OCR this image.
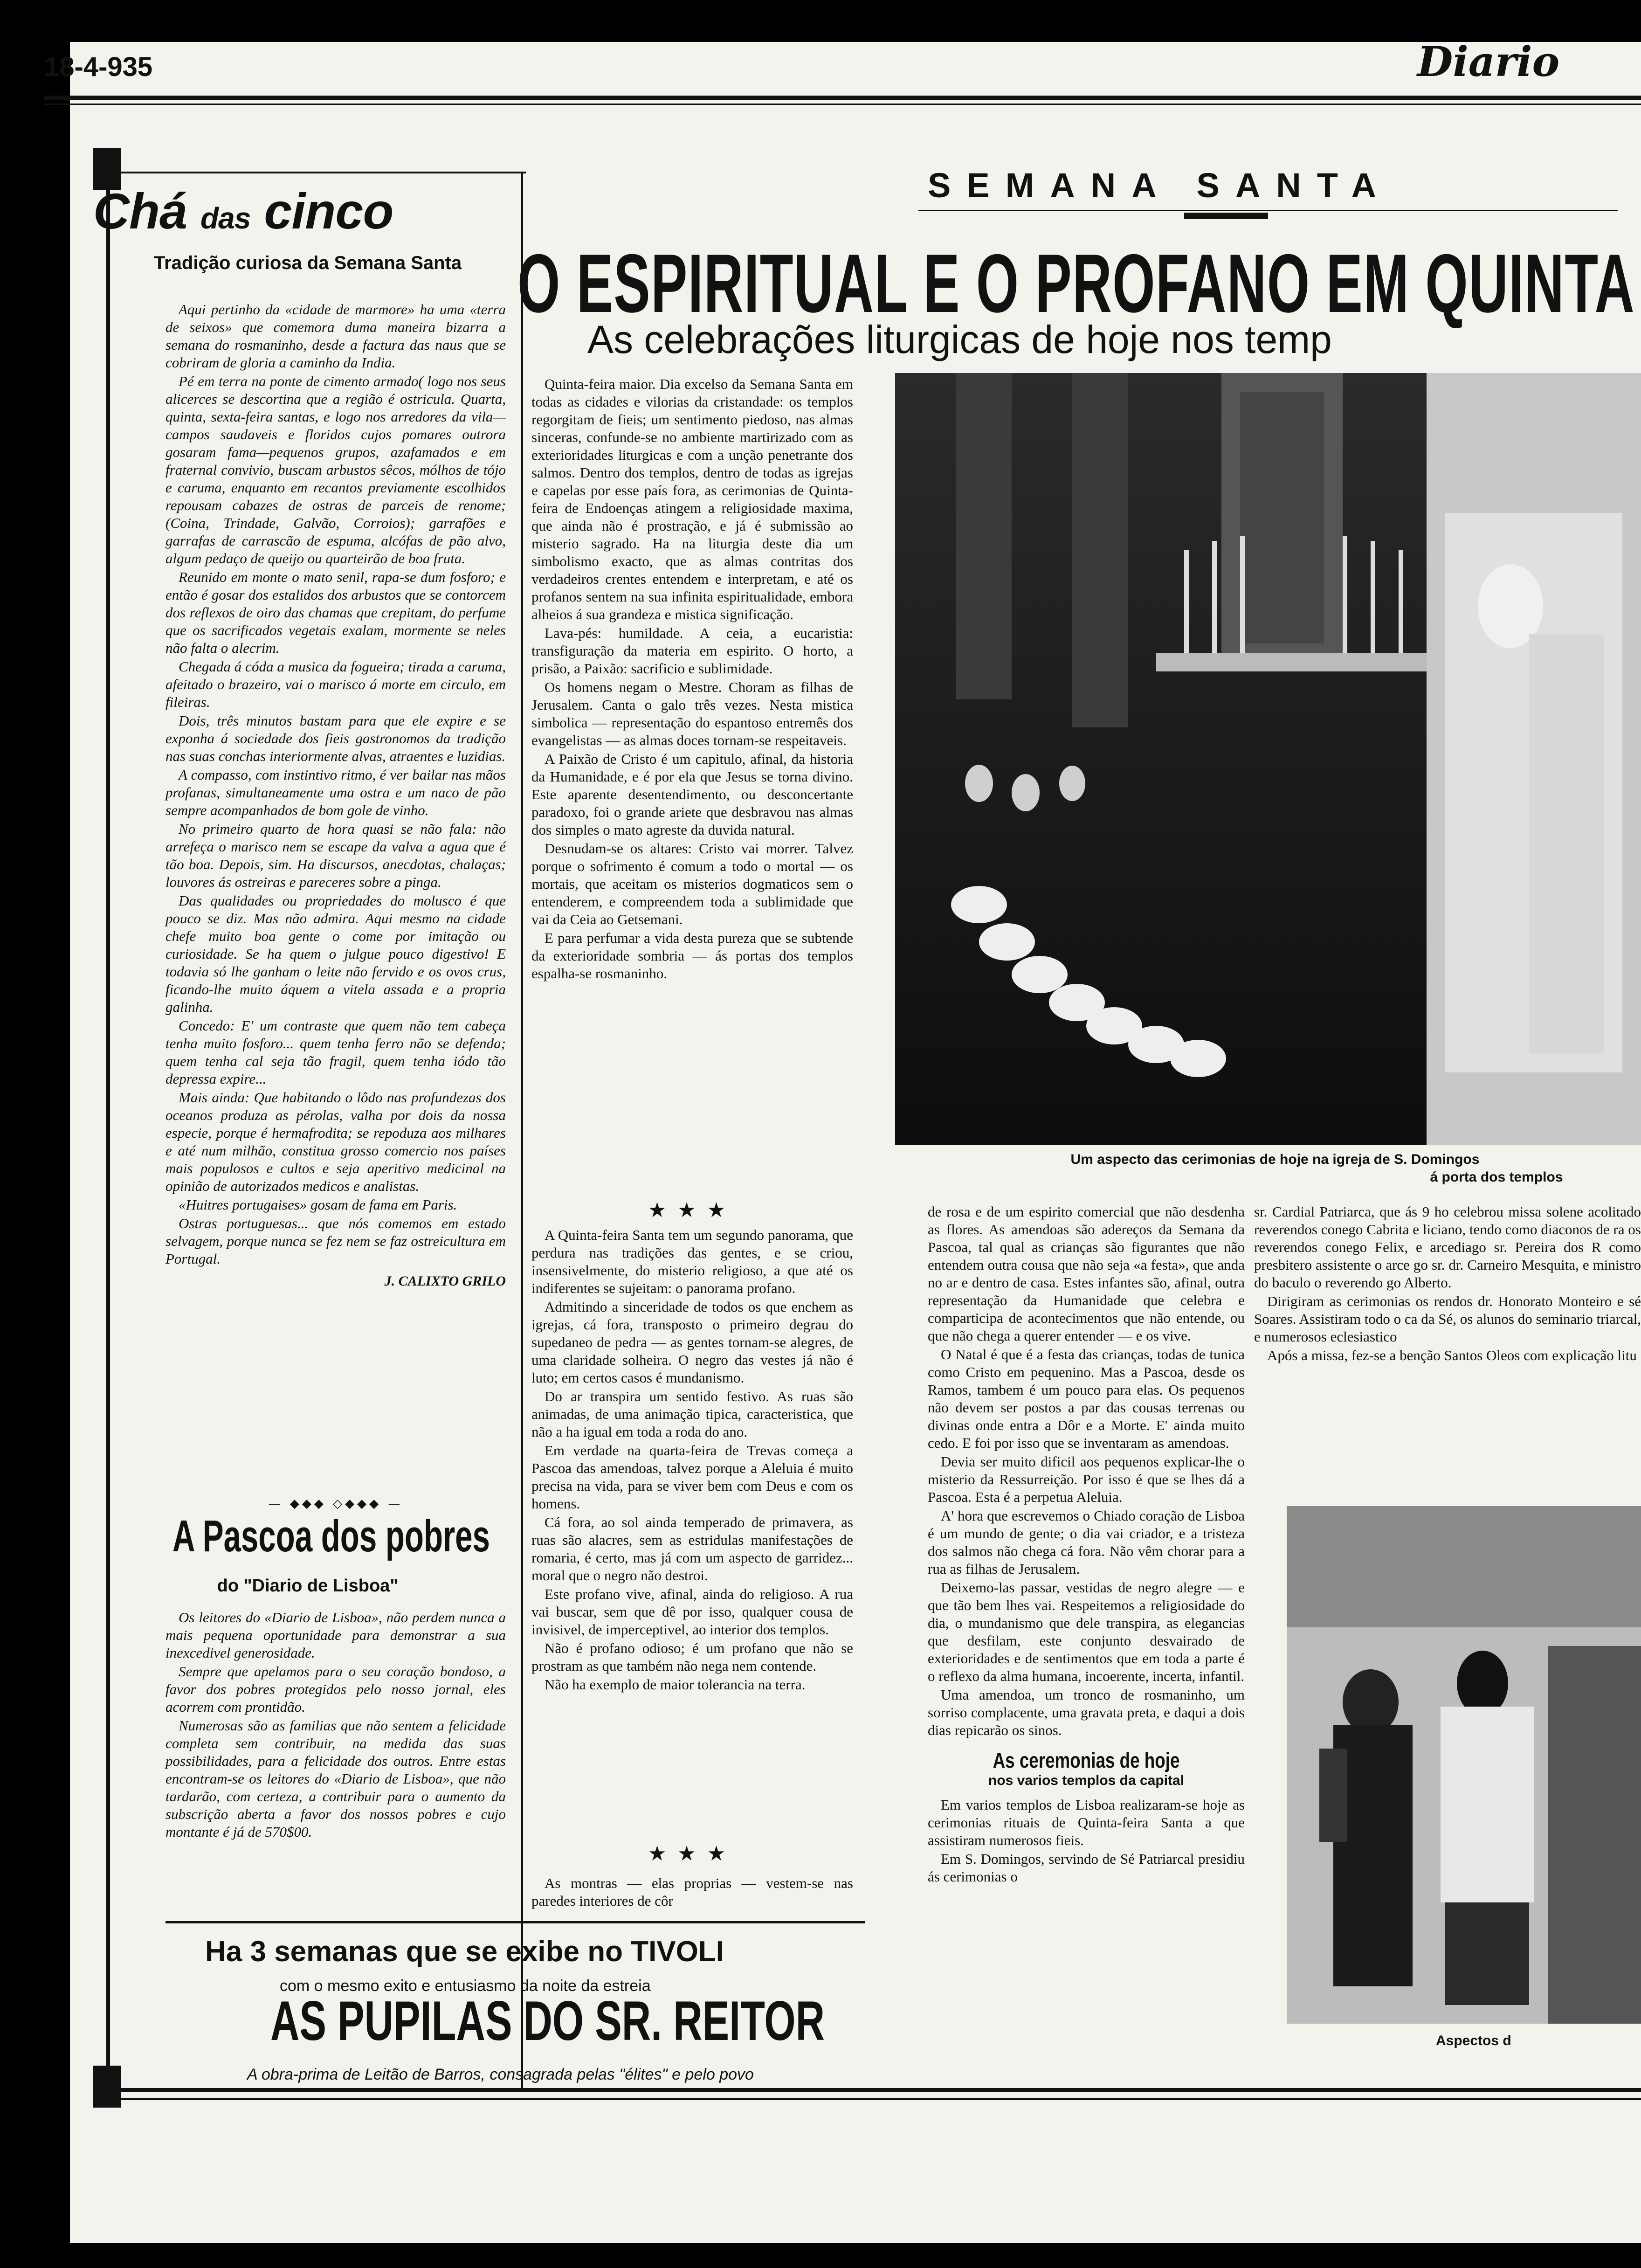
18-4-935	Diario
Chá das cinco
Tradição curiosa da Semana Santa

Aqui pertinho da «cidade de marmore» ha uma «terra de seixos» que comemora duma maneira bizarra a semana do rosmaninho, desde a factura das naus que se cobriram de gloria a caminho da India.

Pé em terra na ponte de cimento armado( logo nos seus alicerces se descortina que a região é ostricula. Quarta, quinta, sexta-feira santas, e logo nos arredores da vila—campos saudaveis e floridos cujos pomares outrora gosaram fama—pequenos grupos, azafamados e em fraternal convivio, buscam arbustos sêcos, mólhos de tójo e caruma, enquanto em recantos previamente escolhidos repousam cabazes de ostras de parceis de renome; (Coina, Trindade, Galvão, Corroios); garrafões e garrafas de carrascão de espuma, alcófas de pão alvo, algum pedaço de queijo ou quarteirão de boa fruta.

Reunido em monte o mato senil, rapa-se dum fosforo; e então é gosar dos estalidos dos arbustos que se contorcem dos reflexos de oiro das chamas que crepitam, do perfume que os sacrificados vegetais exalam, mormente se neles não falta o alecrim.

Chegada á códa a musica da fogueira; tirada a caruma, afeitado o brazeiro, vai o marisco á morte em circulo, em fileiras.

Dois, três minutos bastam para que ele expire e se exponha á sociedade dos fieis gastronomos da tradição nas suas conchas interiormente alvas, atraentes e luzidias.

A compasso, com instintivo ritmo, é ver bailar nas mãos profanas, simultaneamente uma ostra e um naco de pão sempre acompanhados de bom gole de vinho.

No primeiro quarto de hora quasi se não fala: não arrefeça o marisco nem se escape da valva a agua que é tão boa. Depois, sim. Ha discursos, anecdotas, chalaças; louvores ás ostreiras e pareceres sobre a pinga.

Das qualidades ou propriedades do molusco é que pouco se diz. Mas não admira. Aqui mesmo na cidade chefe muito boa gente o come por imitação ou curiosidade. Se ha quem o julgue pouco digestivo! E todavia só lhe ganham o leite não fervido e os ovos crus, ficando-lhe muito áquem a vitela assada e a propria galinha.

Concedo: E' um contraste que quem não tem cabeça tenha muito fosforo... quem tenha ferro não se defenda; quem tenha cal seja tão fragil, quem tenha iódo tão depressa expire...

Mais ainda: Que habitando o lôdo nas profundezas dos oceanos produza as pérolas, valha por dois da nossa especie, porque é hermafrodita; se repoduza aos milhares e até num milhão, constitua grosso comercio nos países mais populosos e cultos e seja aperitivo medicinal na opinião de autorizados medicos e analistas.

«Huitres portugaises» gosam de fama em Paris.

Ostras portuguesas... que nós comemos em estado selvagem, porque nunca se fez nem se faz ostreicultura em Portugal.

J. CALIXTO GRILO
— ◆◆◆ ◇◆◆◆ —
A Pascoa dos pobres
do "Diario de Lisboa"

Os leitores do «Diario de Lisboa», não perdem nunca a mais pequena oportunidade para demonstrar a sua inexcedivel generosidade.

Sempre que apelamos para o seu coração bondoso, a favor dos pobres protegidos pelo nosso jornal, eles acorrem com prontidão.

Numerosas são as familias que não sentem a felicidade completa sem contribuir, na medida das suas possibilidades, para a felicidade dos outros. Entre estas encontram-se os leitores do «Diario de Lisboa», que não tardarão, com certeza, a contribuir para o aumento da subscrição aberta a favor dos nossos pobres e cujo montante é já de 570$00.

Ha 3 semanas que se exibe no TIVOLI
com o mesmo exito e entusiasmo da noite da estreia
AS PUPILAS DO SR. REITOR
A obra-prima de Leitão de Barros, consagrada pelas "élites" e pelo povo
SEMANA SANTA
O ESPIRITUAL E O PROFANO EM QUINTA
As celebrações liturgicas de hoje nos temp

Quinta-feira maior. Dia excelso da Semana Santa em todas as cidades e vilorias da cristandade: os templos regorgitam de fieis; um sentimento piedoso, nas almas sinceras, confunde-se no ambiente martirizado com as exterioridades liturgicas e com a unção penetrante dos salmos. Dentro dos templos, dentro de todas as igrejas e capelas por esse país fora, as cerimonias de Quinta-feira de Endoenças atingem a religiosidade maxima, que ainda não é prostração, e já é submissão ao misterio sagrado. Ha na liturgia deste dia um simbolismo exacto, que as almas contritas dos verdadeiros crentes entendem e interpretam, e até os profanos sentem na sua infinita espiritualidade, embora alheios á sua grandeza e mistica significação.

Lava-pés: humildade. A ceia, a eucaristia: transfiguração da materia em espirito. O horto, a prisão, a Paixão: sacrificio e sublimidade.

Os homens negam o Mestre. Choram as filhas de Jerusalem. Canta o galo três vezes. Nesta mistica simbolica — representação do espantoso entremês dos evangelistas — as almas doces tornam-se respeitaveis.

A Paixão de Cristo é um capitulo, afinal, da historia da Humanidade, e é por ela que Jesus se torna divino. Este aparente desentendimento, ou desconcertante paradoxo, foi o grande ariete que desbravou nas almas dos simples o mato agreste da duvida natural.

Desnudam-se os altares: Cristo vai morrer. Talvez porque o sofrimento é comum a todo o mortal — os mortais, que aceitam os misterios dogmaticos sem o entenderem, e compreendem toda a sublimidade que vai da Ceia ao Getsemani.

E para perfumar a vida desta pureza que se subtende da exterioridade sombria — ás portas dos templos espalha-se rosmaninho.

★★★

A Quinta-feira Santa tem um segundo panorama, que perdura nas tradições das gentes, e se criou, insensivelmente, do misterio religioso, a que até os indiferentes se sujeitam: o panorama profano.

Admitindo a sinceridade de todos os que enchem as igrejas, cá fora, transposto o primeiro degrau do supedaneo de pedra — as gentes tornam-se alegres, de uma claridade solheira. O negro das vestes já não é luto; em certos casos é mundanismo.

Do ar transpira um sentido festivo. As ruas são animadas, de uma animação tipica, caracteristica, que não a ha igual em toda a roda do ano.

Em verdade na quarta-feira de Trevas começa a Pascoa das amendoas, talvez porque a Aleluia é muito precisa na vida, para se viver bem com Deus e com os homens.

Cá fora, ao sol ainda temperado de primavera, as ruas são alacres, sem as estridulas manifestações de romaria, é certo, mas já com um aspecto de garridez... moral que o negro não destroi.

Este profano vive, afinal, ainda do religioso. A rua vai buscar, sem que dê por isso, qualquer cousa de invisivel, de imperceptivel, ao interior dos templos.

Não é profano odioso; é um profano que não se prostram as que também não nega nem contende.

Não ha exemplo de maior tolerancia na terra.

★★★

As montras — elas proprias — vestem-se nas paredes interiores de côr

Um aspecto das cerimonias de hoje na igreja de S. Domingos
á porta dos templos

de rosa e de um espirito comercial que não desdenha as flores. As amendoas são adereços da Semana da Pascoa, tal qual as crianças são figurantes que não entendem outra cousa que não seja «a festa», que anda no ar e dentro de casa. Estes infantes são, afinal, outra representação da Humanidade que celebra e comparticipa de acontecimentos que não entende, ou que não chega a querer entender — e os vive.

O Natal é que é a festa das crianças, todas de tunica como Cristo em pequenino. Mas a Pascoa, desde os Ramos, tambem é um pouco para elas. Os pequenos não devem ser postos a par das cousas terrenas ou divinas onde entra a Dôr e a Morte. E' ainda muito cedo. E foi por isso que se inventaram as amendoas.

Devia ser muito dificil aos pequenos explicar-lhe o misterio da Ressurreição. Por isso é que se lhes dá a Pascoa. Esta é a perpetua Aleluia.

A' hora que escrevemos o Chiado coração de Lisboa é um mundo de gente; o dia vai criador, e a tristeza dos salmos não chega cá fora. Não vêm chorar para a rua as filhas de Jerusalem.

Deixemo-las passar, vestidas de negro alegre — e que tão bem lhes vai. Respeitemos a religiosidade do dia, o mundanismo que dele transpira, as elegancias que desfilam, este conjunto desvairado de exterioridades e de sentimentos que em toda a parte é o reflexo da alma humana, incoerente, incerta, infantil.

Uma amendoa, um tronco de rosmaninho, um sorriso complacente, uma gravata preta, e daqui a dois dias repicarão os sinos.

As ceremonias de hoje
nos varios templos da capital

Em varios templos de Lisboa realizaram-se hoje as cerimonias rituais de Quinta-feira Santa a que assistiram numerosos fieis.

Em S. Domingos, servindo de Sé Patriarcal presidiu ás cerimonias o

sr. Cardial Patriarca, que ás 9 ho celebrou missa solene acolitado reverendos conego Cabrita e liciano, tendo como diaconos de ra os reverendos conego Felix, e arcediago sr. Pereira dos R como presbitero assistente o arce go sr. dr. Carneiro Mesquita, e ministro do baculo o reverendo go Alberto.

Dirigiram as cerimonias os rendos dr. Honorato Monteiro e sé Soares. Assistiram todo o ca da Sé, os alunos do seminario triarcal, e numerosos eclesiastico

Após a missa, fez-se a benção Santos Oleos com explicação litu

Aspectos d
